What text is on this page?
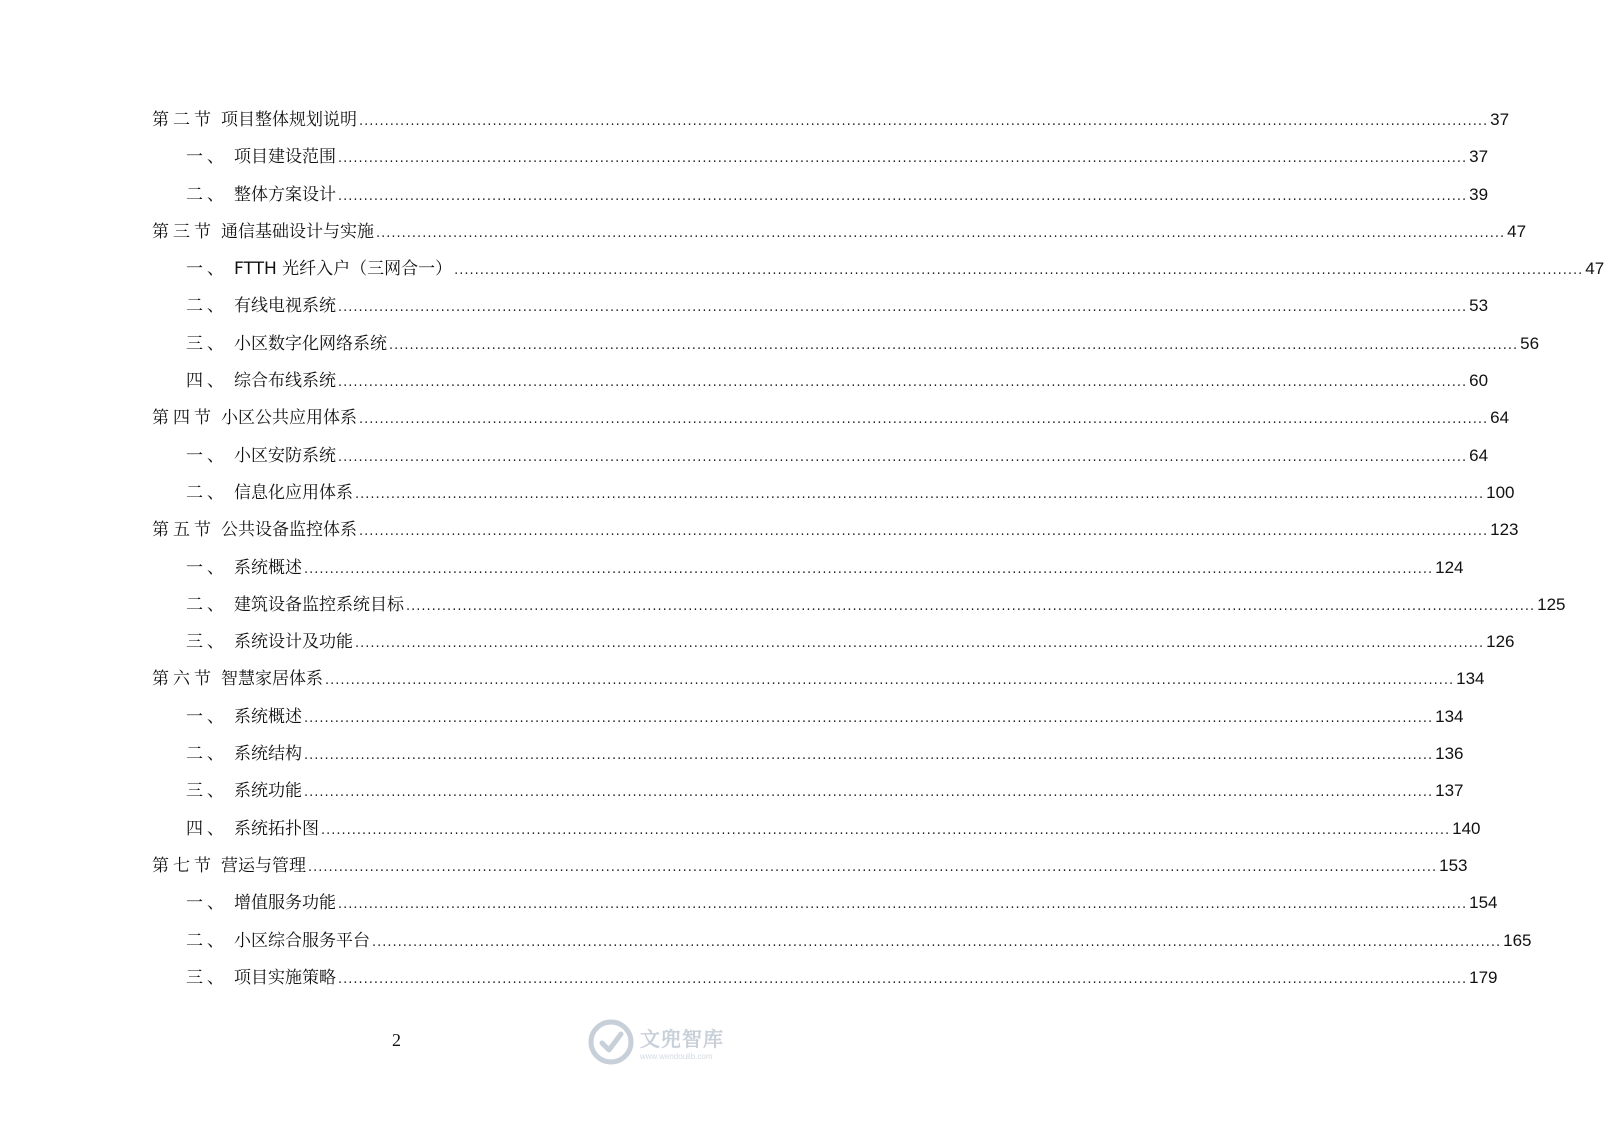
第二节 项目整体规划说明 ............................................................................................................................................................................................................................ 37
一、 项目建设范围 ............................................................................................................................................................................................................................ 37
二、 整体方案设计 ............................................................................................................................................................................................................................ 39
第三节 通信基础设计与实施 ............................................................................................................................................................................................................................ 47
一、 FTTH 光纤入户（三网合一） ............................................................................................................................................................................................................................ 47
二、 有线电视系统 ............................................................................................................................................................................................................................ 53
三、 小区数字化网络系统 ............................................................................................................................................................................................................................ 56
四、 综合布线系统 ............................................................................................................................................................................................................................ 60
第四节 小区公共应用体系 ............................................................................................................................................................................................................................ 64
一、 小区安防系统 ............................................................................................................................................................................................................................ 64
二、 信息化应用体系 ............................................................................................................................................................................................................................ 100
第五节 公共设备监控体系 ............................................................................................................................................................................................................................ 123
一、 系统概述 ............................................................................................................................................................................................................................ 124
二、 建筑设备监控系统目标 ............................................................................................................................................................................................................................ 125
三、 系统设计及功能 ............................................................................................................................................................................................................................ 126
第六节 智慧家居体系 ............................................................................................................................................................................................................................ 134
一、 系统概述 ............................................................................................................................................................................................................................ 134
二、 系统结构 ............................................................................................................................................................................................................................ 136
三、 系统功能 ............................................................................................................................................................................................................................ 137
四、 系统拓扑图 ............................................................................................................................................................................................................................ 140
第七节 营运与管理 ............................................................................................................................................................................................................................ 153
一、 增值服务功能 ............................................................................................................................................................................................................................ 154
二、 小区综合服务平台 ............................................................................................................................................................................................................................ 165
三、 项目实施策略 ............................................................................................................................................................................................................................ 179
2	文兜智库
www.wendoulib.com
